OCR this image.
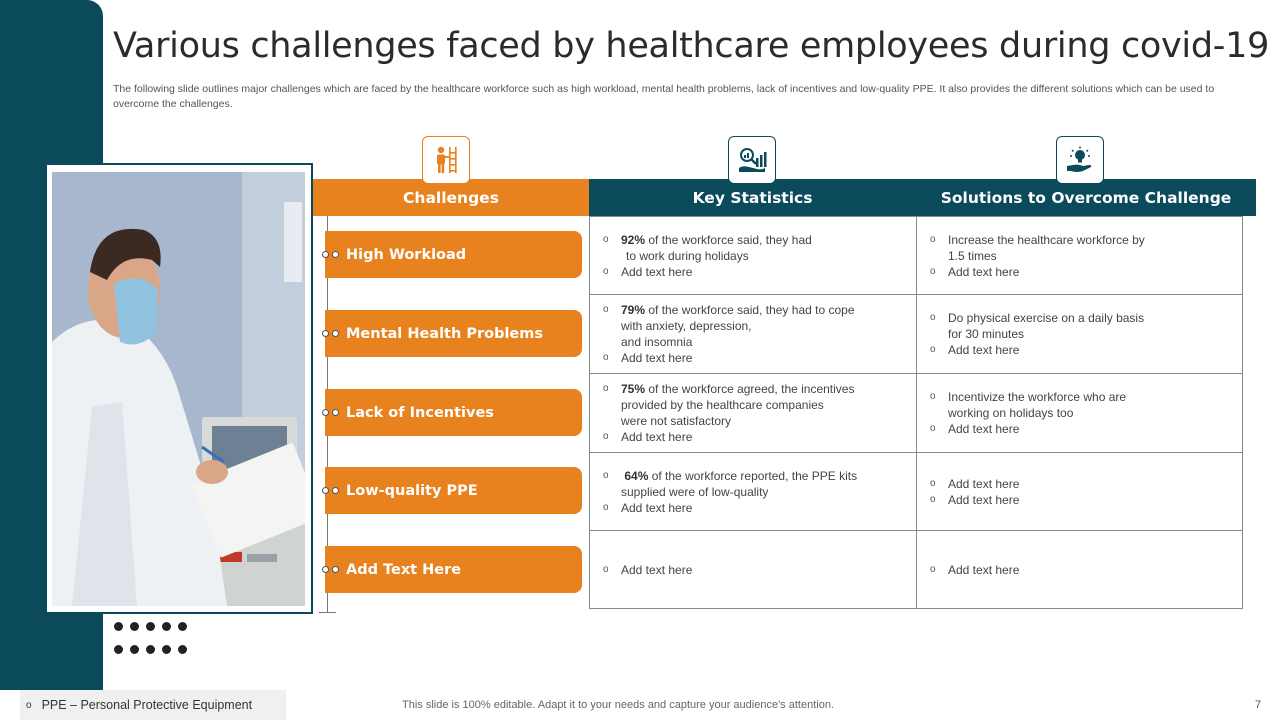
Various challenges faced by healthcare employees during covid-19

The following slide outlines major challenges which are faced by the healthcare workforce such as high workload, mental health problems, lack of incentives and low-quality PPE. It also provides the different solutions which can be used to overcome the challenges.

Challenges	Key Statistics	Solutions to Overcome Challenge
High Workload
Mental Health Problems
Lack of Incentives
Low-quality PPE
Add Text Here
o 92% of the workforce said, they had
to work during holidays
o Add text here
o Increase the healthcare workforce by
1.5 times
o Add text here
o 79% of the workforce said, they had to cope
with anxiety, depression,
and insomnia
o Add text here
o Do physical exercise on a daily basis
for 30 minutes
o Add text here
o 75% of the workforce agreed, the incentives
provided by the healthcare companies
were not satisfactory
o Add text here
o Incentivize the workforce who are
working on holidays too
o Add text here
o 64% of the workforce reported, the PPE kits
supplied were of low-quality
o Add text here
o Add text here
o Add text here
o Add text here
o	Add text here
o PPE – Personal Protective Equipment	This slide is 100% editable. Adapt it to your needs and capture your audience's attention.	7
